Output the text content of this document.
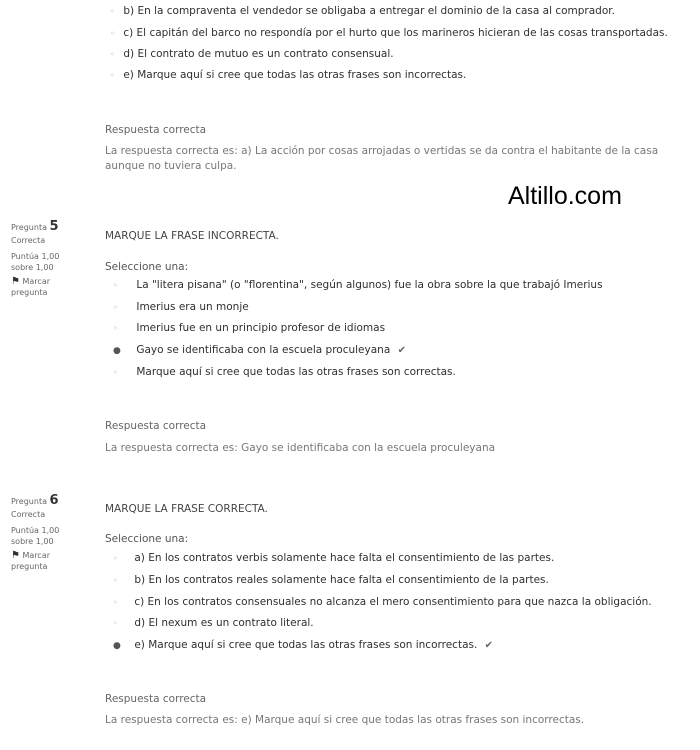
◦ b) En la compraventa el vendedor se obligaba a entregar el dominio de la casa al comprador.
◦ c) El capitán del barco no respondía por el hurto que los marineros hicieran de las cosas transportadas.
◦ d) El contrato de mutuo es un contrato consensual.
◦ e) Marque aquí si cree que todas las otras frases son incorrectas.
Respuesta correcta
La respuesta correcta es: a) La acción por cosas arrojadas o vertidas se da contra el habitante de la casa
aunque no tuviera culpa.
Altillo.com
Pregunta 5
Correcta
Puntúa 1,00
sobre 1,00
⚑ Marcar
pregunta
MARQUE LA FRASE INCORRECTA.
Seleccione una:
◦ La "litera pisana" (o "florentina", según algunos) fue la obra sobre la que trabajó Imerius
◦ Imerius era un monje
◦ Imerius fue en un principio profesor de idiomas
● Gayo se identificaba con la escuela proculeyana ✔
◦ Marque aquí si cree que todas las otras frases son correctas.
Respuesta correcta
La respuesta correcta es: Gayo se identificaba con la escuela proculeyana
Pregunta 6
Correcta
Puntúa 1,00
sobre 1,00
⚑ Marcar
pregunta
MARQUE LA FRASE CORRECTA.
Seleccione una:
◦ a) En los contratos verbis solamente hace falta el consentimiento de las partes.
◦ b) En los contratos reales solamente hace falta el consentimiento de la partes.
◦ c) En los contratos consensuales no alcanza el mero consentimiento para que nazca la obligación.
◦ d) El nexum es un contrato literal.
● e) Marque aquí si cree que todas las otras frases son incorrectas. ✔
Respuesta correcta
La respuesta correcta es: e) Marque aquí si cree que todas las otras frases son incorrectas.
